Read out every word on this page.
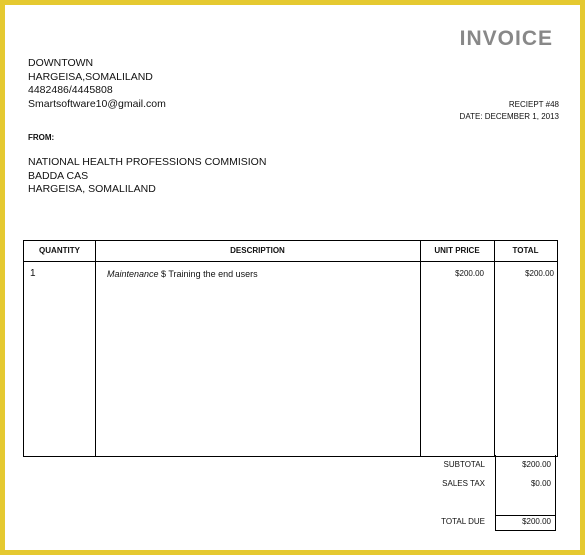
INVOICE
DOWNTOWN
HARGEISA,SOMALILAND
4482486/4445808
Smartsoftware10@gmail.com	RECIEPT #48
DATE: DECEMBER 1, 2013
FROM:
NATIONAL HEALTH PROFESSIONS COMMISION
BADDA CAS
HARGEISA, SOMALILAND
QUANTITY	DESCRIPTION	UNIT PRICE	TOTAL
1	Maintenance $ Training the end users	$200.00	$200.00
SUBTOTAL	$200.00
SALES TAX	$0.00
TOTAL DUE	$200.00
